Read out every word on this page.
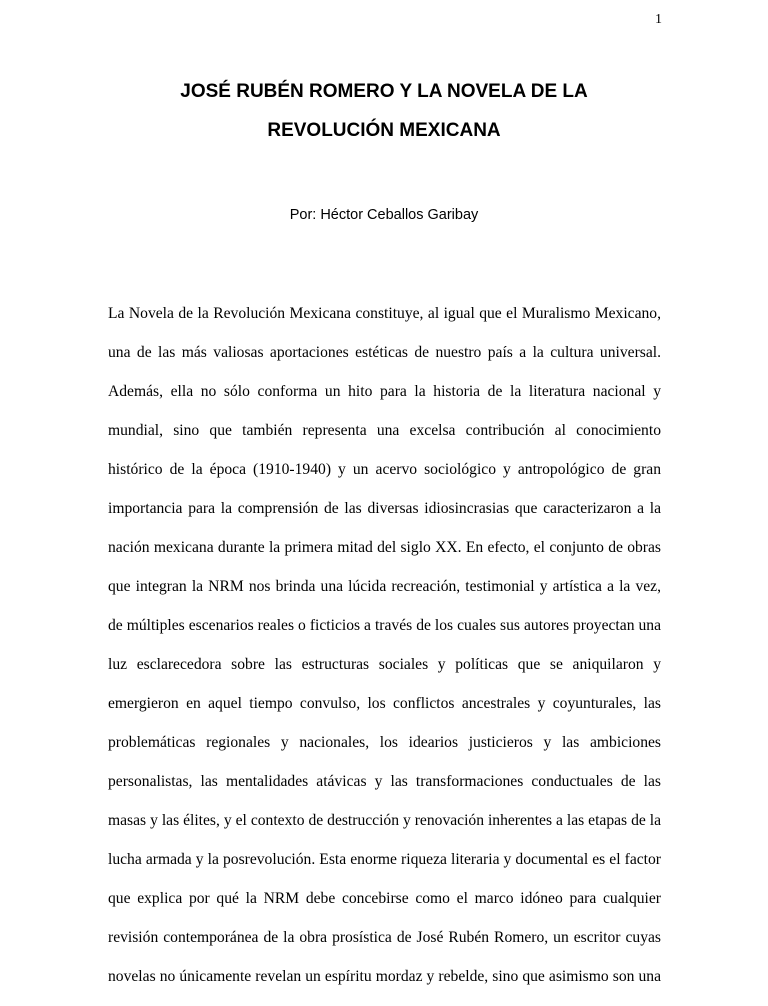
1
JOSÉ RUBÉN ROMERO Y LA NOVELA DE LA
REVOLUCIÓN MEXICANA
Por: Héctor Ceballos Garibay
La Novela de la Revolución Mexicana constituye, al igual que el Muralismo Mexicano,
una de las más valiosas aportaciones estéticas de nuestro país a la cultura universal.
Además, ella no sólo conforma un hito para la historia de la literatura nacional y
mundial, sino que también representa una excelsa contribución al conocimiento
histórico de la época (1910-1940) y un acervo sociológico y antropológico de gran
importancia para la comprensión de las diversas idiosincrasias que caracterizaron a la
nación mexicana durante la primera mitad del siglo XX. En efecto, el conjunto de obras
que integran la NRM nos brinda una lúcida recreación, testimonial y artística a la vez,
de múltiples escenarios reales o ficticios a través de los cuales sus autores proyectan una
luz esclarecedora sobre las estructuras sociales y políticas que se aniquilaron y
emergieron en aquel tiempo convulso, los conflictos ancestrales y coyunturales, las
problemáticas regionales y nacionales, los idearios justicieros y las ambiciones
personalistas, las mentalidades atávicas y las transformaciones conductuales de las
masas y las élites, y el contexto de destrucción y renovación inherentes a las etapas de la
lucha armada y la posrevolución. Esta enorme riqueza literaria y documental es el factor
que explica por qué la NRM debe concebirse como el marco idóneo para cualquier
revisión contemporánea de la obra prosística de José Rubén Romero, un escritor cuyas
novelas no únicamente revelan un espíritu mordaz y rebelde, sino que asimismo son una
